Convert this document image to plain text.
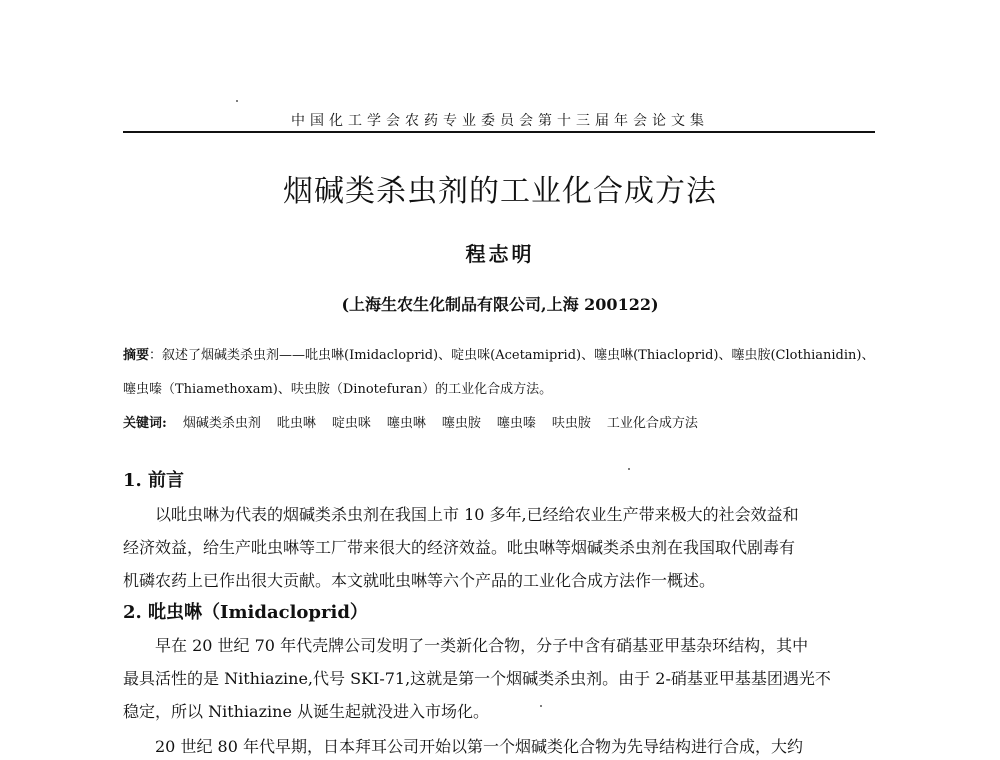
中国化工学会农药专业委员会第十三届年会论文集
烟碱类杀虫剂的工业化合成方法
程志明
(上海生农生化制品有限公司,上海 200122)
摘要：叙述了烟碱类杀虫剂——吡虫啉(Imidacloprid)、啶虫咪(Acetamiprid)、噻虫啉(Thiacloprid)、噻虫胺(Clothianidin)、
噻虫嗪（Thiamethoxam)、呋虫胺（Dinotefuran）的工业化合成方法。
关键词: 烟碱类杀虫剂 吡虫啉 啶虫咪 噻虫啉 噻虫胺 噻虫嗪 呋虫胺 工业化合成方法
1. 前言
以吡虫啉为代表的烟碱类杀虫剂在我国上市 10 多年,已经给农业生产带来极大的社会效益和
经济效益，给生产吡虫啉等工厂带来很大的经济效益。吡虫啉等烟碱类杀虫剂在我国取代剧毒有
机磷农药上已作出很大贡献。本文就吡虫啉等六个产品的工业化合成方法作一概述。
2. 吡虫啉（Imidacloprid）
早在 20 世纪 70 年代壳牌公司发明了一类新化合物，分子中含有硝基亚甲基杂环结构，其中
最具活性的是 Nithiazine,代号 SKI-71,这就是第一个烟碱类杀虫剂。由于 2-硝基亚甲基基团遇光不
稳定，所以 Nithiazine 从诞生起就没进入市场化。
20 世纪 80 年代早期，日本拜耳公司开始以第一个烟碱类化合物为先导结构进行合成，大约
